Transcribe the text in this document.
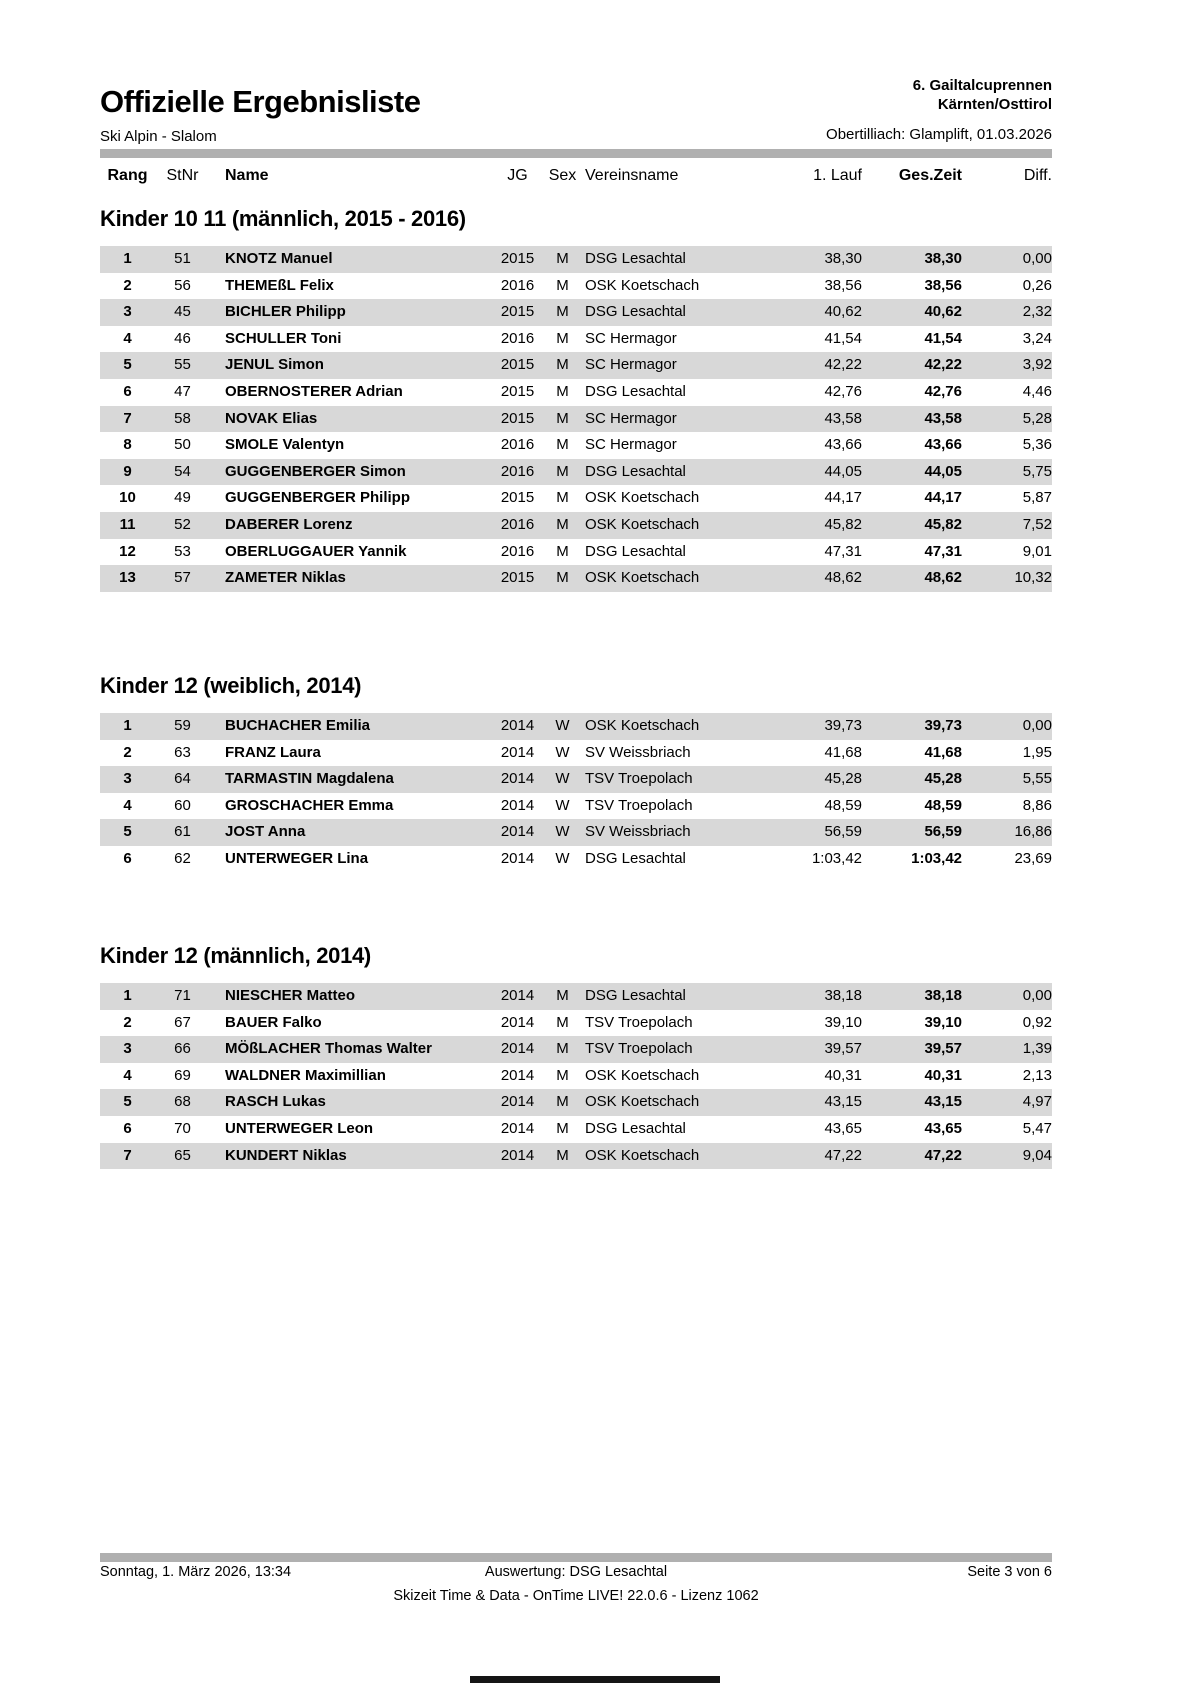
Offizielle Ergebnisliste	6. Gailtalcuprennen
Kärnten/Osttirol
Ski Alpin - Slalom	Obertilliach: Glamplift, 01.03.2026
Rang	StNr	Name	JG	Sex Vereinsname	1. Lauf	Ges.Zeit	Diff.
Kinder 10 11 (männlich, 2015 - 2016)
1	51	KNOTZ Manuel	2015	M	DSG Lesachtal	38,30	38,30	0,00
2	56	THEMEßL Felix	2016	M	OSK Koetschach	38,56	38,56	0,26
3	45	BICHLER Philipp	2015	M	DSG Lesachtal	40,62	40,62	2,32
4	46	SCHULLER Toni	2016	M	SC Hermagor	41,54	41,54	3,24
5	55	JENUL Simon	2015	M	SC Hermagor	42,22	42,22	3,92
6	47	OBERNOSTERER Adrian	2015	M	DSG Lesachtal	42,76	42,76	4,46
7	58	NOVAK Elias	2015	M	SC Hermagor	43,58	43,58	5,28
8	50	SMOLE Valentyn	2016	M	SC Hermagor	43,66	43,66	5,36
9	54	GUGGENBERGER Simon	2016	M	DSG Lesachtal	44,05	44,05	5,75
10	49	GUGGENBERGER Philipp	2015	M	OSK Koetschach	44,17	44,17	5,87
11	52	DABERER Lorenz	2016	M	OSK Koetschach	45,82	45,82	7,52
12	53	OBERLUGGAUER Yannik	2016	M	DSG Lesachtal	47,31	47,31	9,01
13	57	ZAMETER Niklas	2015	M	OSK Koetschach	48,62	48,62	10,32
Kinder 12 (weiblich, 2014)
1	59	BUCHACHER Emilia	2014	W	OSK Koetschach	39,73	39,73	0,00
2	63	FRANZ Laura	2014	W	SV Weissbriach	41,68	41,68	1,95
3	64	TARMASTIN Magdalena	2014	W	TSV Troepolach	45,28	45,28	5,55
4	60	GROSCHACHER Emma	2014	W	TSV Troepolach	48,59	48,59	8,86
5	61	JOST Anna	2014	W	SV Weissbriach	56,59	56,59	16,86
6	62	UNTERWEGER Lina	2014	W	DSG Lesachtal	1:03,42	1:03,42	23,69
Kinder 12 (männlich, 2014)
1	71	NIESCHER Matteo	2014	M	DSG Lesachtal	38,18	38,18	0,00
2	67	BAUER Falko	2014	M	TSV Troepolach	39,10	39,10	0,92
3	66	MÖßLACHER Thomas Walter	2014	M	TSV Troepolach	39,57	39,57	1,39
4	69	WALDNER Maximillian	2014	M	OSK Koetschach	40,31	40,31	2,13
5	68	RASCH Lukas	2014	M	OSK Koetschach	43,15	43,15	4,97
6	70	UNTERWEGER Leon	2014	M	DSG Lesachtal	43,65	43,65	5,47
7	65	KUNDERT Niklas	2014	M	OSK Koetschach	47,22	47,22	9,04
Sonntag, 1. März 2026, 13:34	Auswertung: DSG Lesachtal	Seite 3 von 6
Skizeit Time & Data - OnTime LIVE! 22.0.6 - Lizenz 1062
